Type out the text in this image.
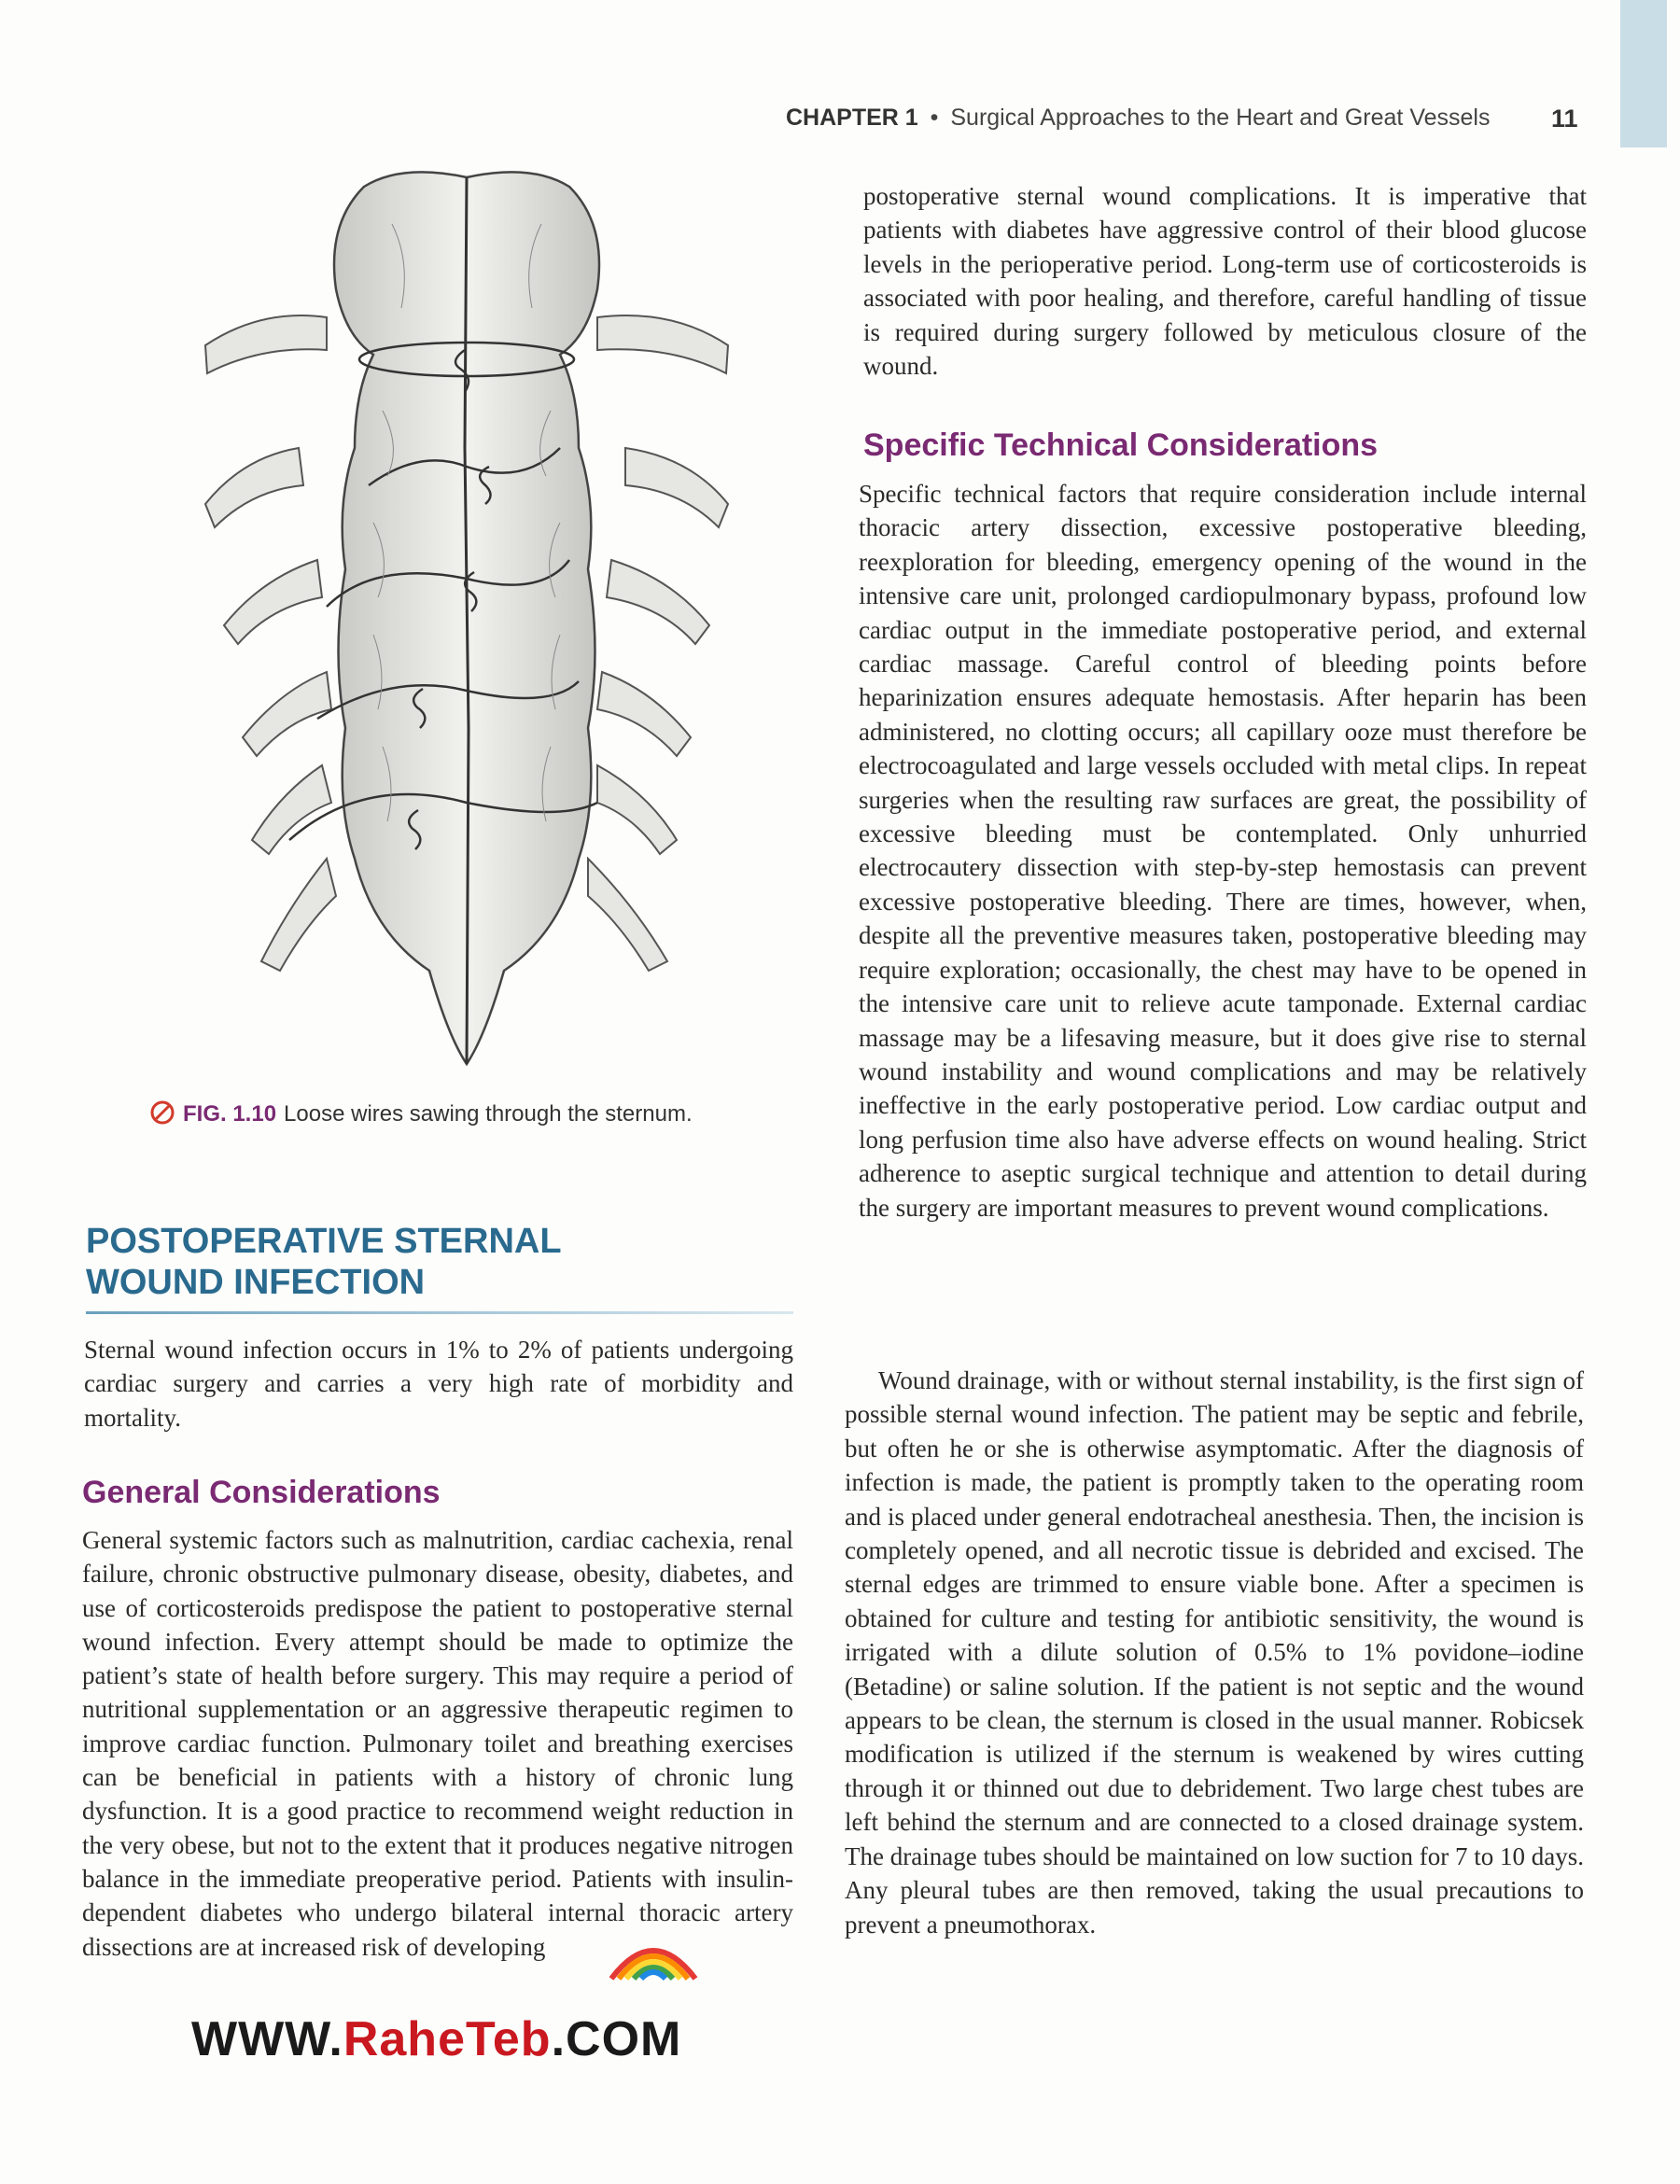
CHAPTER 1 • Surgical Approaches to the Heart and Great Vessels 11
FIG. 1.10 Loose wires sawing through the sternum.
POSTOPERATIVE STERNAL
WOUND INFECTION

Sternal wound infection occurs in 1% to 2% of patients undergoing cardiac surgery and carries a very high rate of morbidity and mortality.

General Considerations

General systemic factors such as malnutrition, cardiac cachexia, renal failure, chronic obstructive pulmonary disease, obesity, diabetes, and use of corticosteroids predispose the patient to postoperative sternal wound infection. Every attempt should be made to optimize the patient’s state of health before surgery. This may require a period of nutritional supplementation or an aggressive therapeutic regimen to improve cardiac function. Pulmonary toilet and breathing exercises can be beneficial in patients with a history of chronic lung dysfunction. It is a good practice to recommend weight reduction in the very obese, but not to the extent that it produces negative nitrogen balance in the immediate preoperative period. Patients with insulin-dependent diabetes who undergo bilateral internal thoracic artery dissections are at increased risk of developing

postoperative sternal wound complications. It is imperative that patients with diabetes have aggressive control of their blood glucose levels in the perioperative period. Long-term use of corticosteroids is associated with poor healing, and therefore, careful handling of tissue is required during surgery followed by meticulous closure of the wound.

Specific Technical Considerations

Specific technical factors that require consideration include internal thoracic artery dissection, excessive postoperative bleeding, reexploration for bleeding, emergency opening of the wound in the intensive care unit, prolonged cardiopulmonary bypass, profound low cardiac output in the immediate postoperative period, and external cardiac massage. Careful control of bleeding points before heparinization ensures adequate hemostasis. After heparin has been administered, no clotting occurs; all capillary ooze must therefore be electrocoagulated and large vessels occluded with metal clips. In repeat surgeries when the resulting raw surfaces are great, the possibility of excessive bleeding must be contemplated. Only unhurried electrocautery dissection with step-by-step hemostasis can prevent excessive postoperative bleeding. There are times, however, when, despite all the preventive measures taken, postoperative bleeding may require exploration; occasionally, the chest may have to be opened in the intensive care unit to relieve acute tamponade. External cardiac massage may be a lifesaving measure, but it does give rise to sternal wound instability and wound complications and may be relatively ineffective in the early postoperative period. Low cardiac output and long perfusion time also have adverse effects on wound healing. Strict adherence to aseptic surgical technique and attention to detail during the surgery are important measures to prevent wound complications.

Wound drainage, with or without sternal instability, is the first sign of possible sternal wound infection. The patient may be septic and febrile, but often he or she is otherwise asymptomatic. After the diagnosis of infection is made, the patient is promptly taken to the operating room and is placed under general endotracheal anesthesia. Then, the incision is completely opened, and all necrotic tissue is debrided and excised. The sternal edges are trimmed to ensure viable bone. After a specimen is obtained for culture and testing for antibiotic sensitivity, the wound is irrigated with a dilute solution of 0.5% to 1% povidone–iodine (Betadine) or saline solution. If the patient is not septic and the wound appears to be clean, the sternum is closed in the usual manner. Robicsek modification is utilized if the sternum is weakened by wires cutting through it or thinned out due to debridement. Two large chest tubes are left behind the sternum and are connected to a closed drainage system. The drainage tubes should be maintained on low suction for 7 to 10 days. Any pleural tubes are then removed, taking the usual precautions to prevent a pneumothorax.

WWW.RaheTeb.COM
